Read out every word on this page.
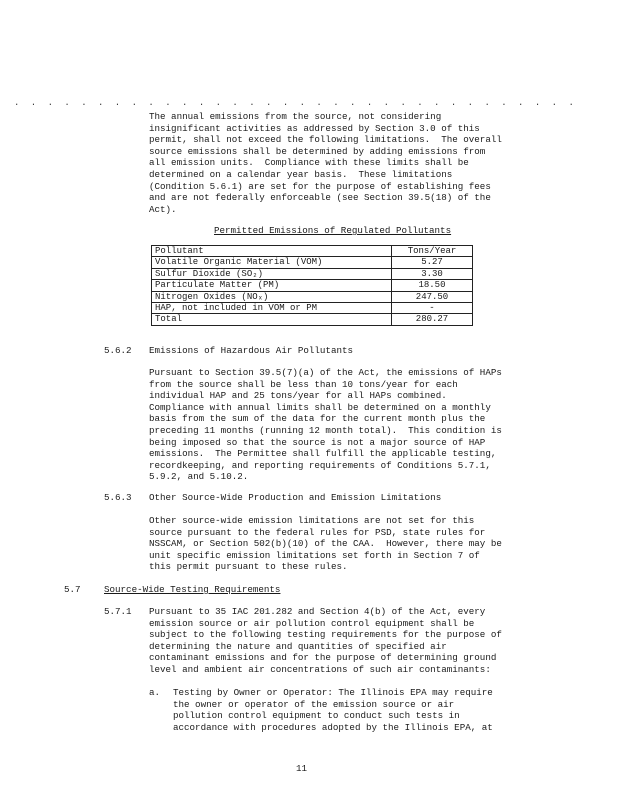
. . . . . . . . . . . . . . . . . . . . . . . . . . . . . . . . . .
The annual emissions from the source, not considering
insignificant activities as addressed by Section 3.0 of this
permit, shall not exceed the following limitations.  The overall
source emissions shall be determined by adding emissions from
all emission units.  Compliance with these limits shall be
determined on a calendar year basis.  These limitations
(Condition 5.6.1) are set for the purpose of establishing fees
and are not federally enforceable (see Section 39.5(18) of the
Act).
Permitted Emissions of Regulated Pollutants
Pollutant	Tons/Year
Volatile Organic Material (VOM)	5.27
Sulfur Dioxide (SO₂)	3.30
Particulate Matter (PM)	18.50
Nitrogen Oxides (NOₓ)	247.50
HAP, not included in VOM or PM	-
Total	280.27
5.6.2 Emissions of Hazardous Air Pollutants
Pursuant to Section 39.5(7)(a) of the Act, the emissions of HAPs
from the source shall be less than 10 tons/year for each
individual HAP and 25 tons/year for all HAPs combined.
Compliance with annual limits shall be determined on a monthly
basis from the sum of the data for the current month plus the
preceding 11 months (running 12 month total).  This condition is
being imposed so that the source is not a major source of HAP
emissions.  The Permittee shall fulfill the applicable testing,
recordkeeping, and reporting requirements of Conditions 5.7.1,
5.9.2, and 5.10.2.
5.6.3 Other Source-Wide Production and Emission Limitations
Other source-wide emission limitations are not set for this
source pursuant to the federal rules for PSD, state rules for
NSSCAM, or Section 502(b)(10) of the CAA.  However, there may be
unit specific emission limitations set forth in Section 7 of
this permit pursuant to these rules.
5.7	Source-Wide Testing Requirements
5.7.1 Pursuant to 35 IAC 201.282 and Section 4(b) of the Act, every
emission source or air pollution control equipment shall be
subject to the following testing requirements for the purpose of
determining the nature and quantities of specified air
contaminant emissions and for the purpose of determining ground
level and ambient air concentrations of such air contaminants:
a. Testing by Owner or Operator: The Illinois EPA may require
the owner or operator of the emission source or air
pollution control equipment to conduct such tests in
accordance with procedures adopted by the Illinois EPA, at
11
